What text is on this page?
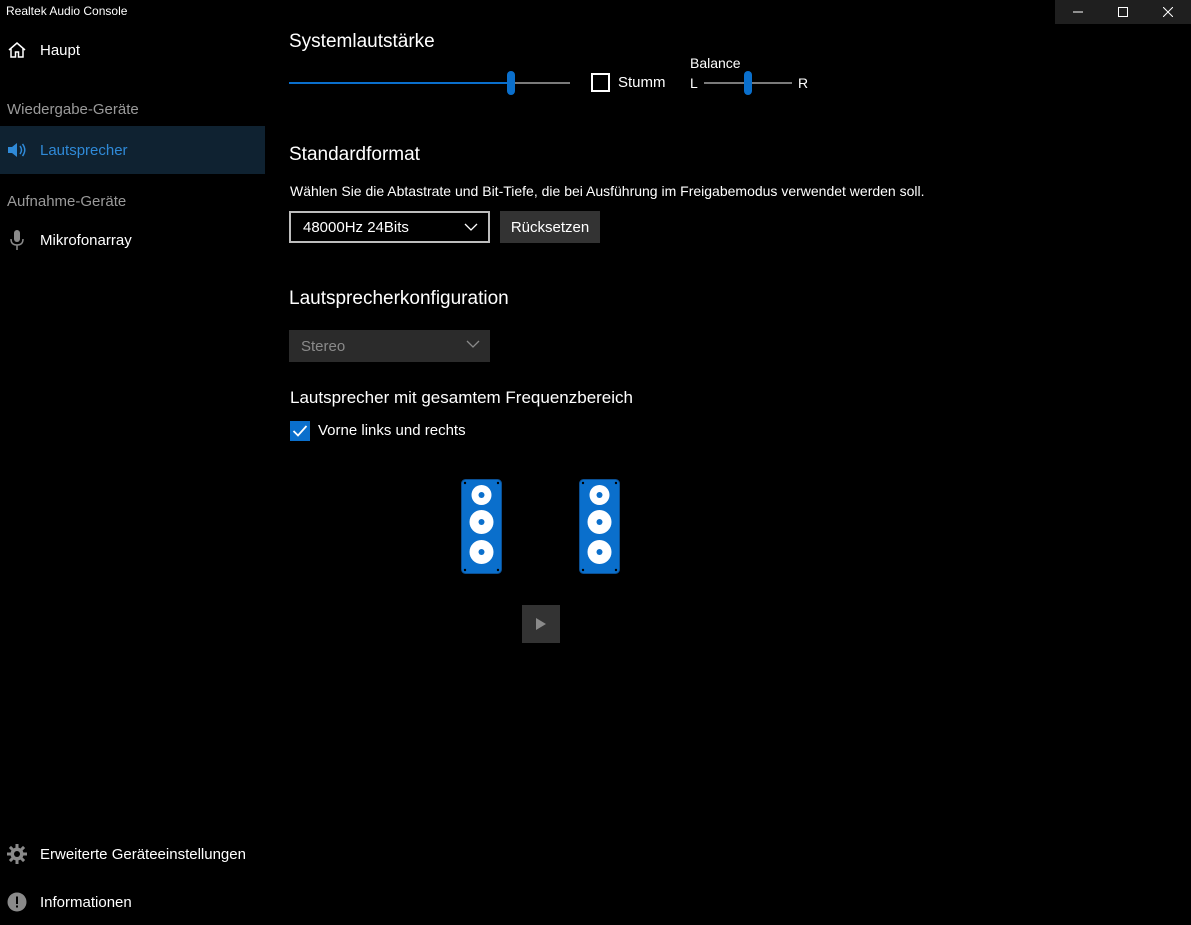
Realtek Audio Console
Haupt
Wiedergabe-Geräte
Lautsprecher
Aufnahme-Geräte
Mikrofonarray
Erweiterte Geräteeinstellungen
Informationen
Systemlautstärke
Stumm
Balance
L	R
Standardformat
Wählen Sie die Abtastrate und Bit-Tiefe, die bei Ausführung im Freigabemodus verwendet werden soll.
48000Hz 24Bits	Rücksetzen
Lautsprecherkonfiguration
Stereo
Lautsprecher mit gesamtem Frequenzbereich
Vorne links und rechts
